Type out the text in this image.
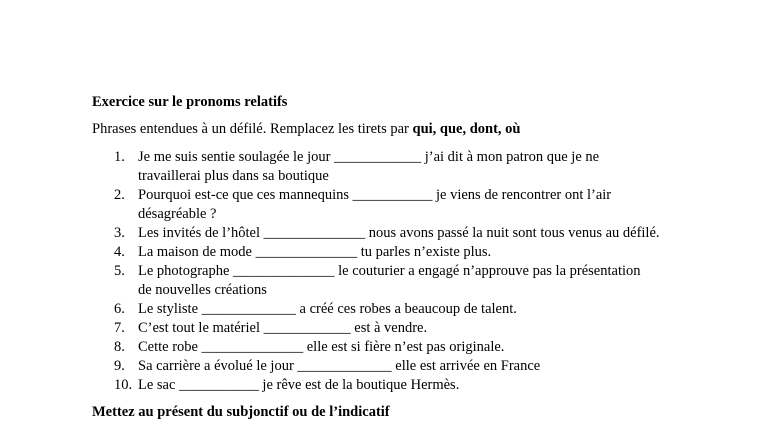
Exercice sur le pronoms relatifs

Phrases entendues à un défilé. Remplacez les tirets par qui, que, dont, où

1. Je me suis sentie soulagée le jour ____________ j’ai dit à mon patron que je ne
travaillerai plus dans sa boutique
2. Pourquoi est-ce que ces mannequins ___________ je viens de rencontrer ont l’air
désagréable ?
3. Les invités de l’hôtel ______________ nous avons passé la nuit sont tous venus au défilé.
4. La maison de mode ______________ tu parles n’existe plus.
5. Le photographe ______________ le couturier a engagé n’approuve pas la présentation
de nouvelles créations
6. Le styliste _____________ a créé ces robes a beaucoup de talent.
7. C’est tout le matériel ____________ est à vendre.
8. Cette robe ______________ elle est si fière n’est pas originale.
9. Sa carrière a évolué le jour _____________ elle est arrivée en France
10. Le sac ___________ je rêve est de la boutique Hermès.

Mettez au présent du subjonctif ou de l’indicatif
